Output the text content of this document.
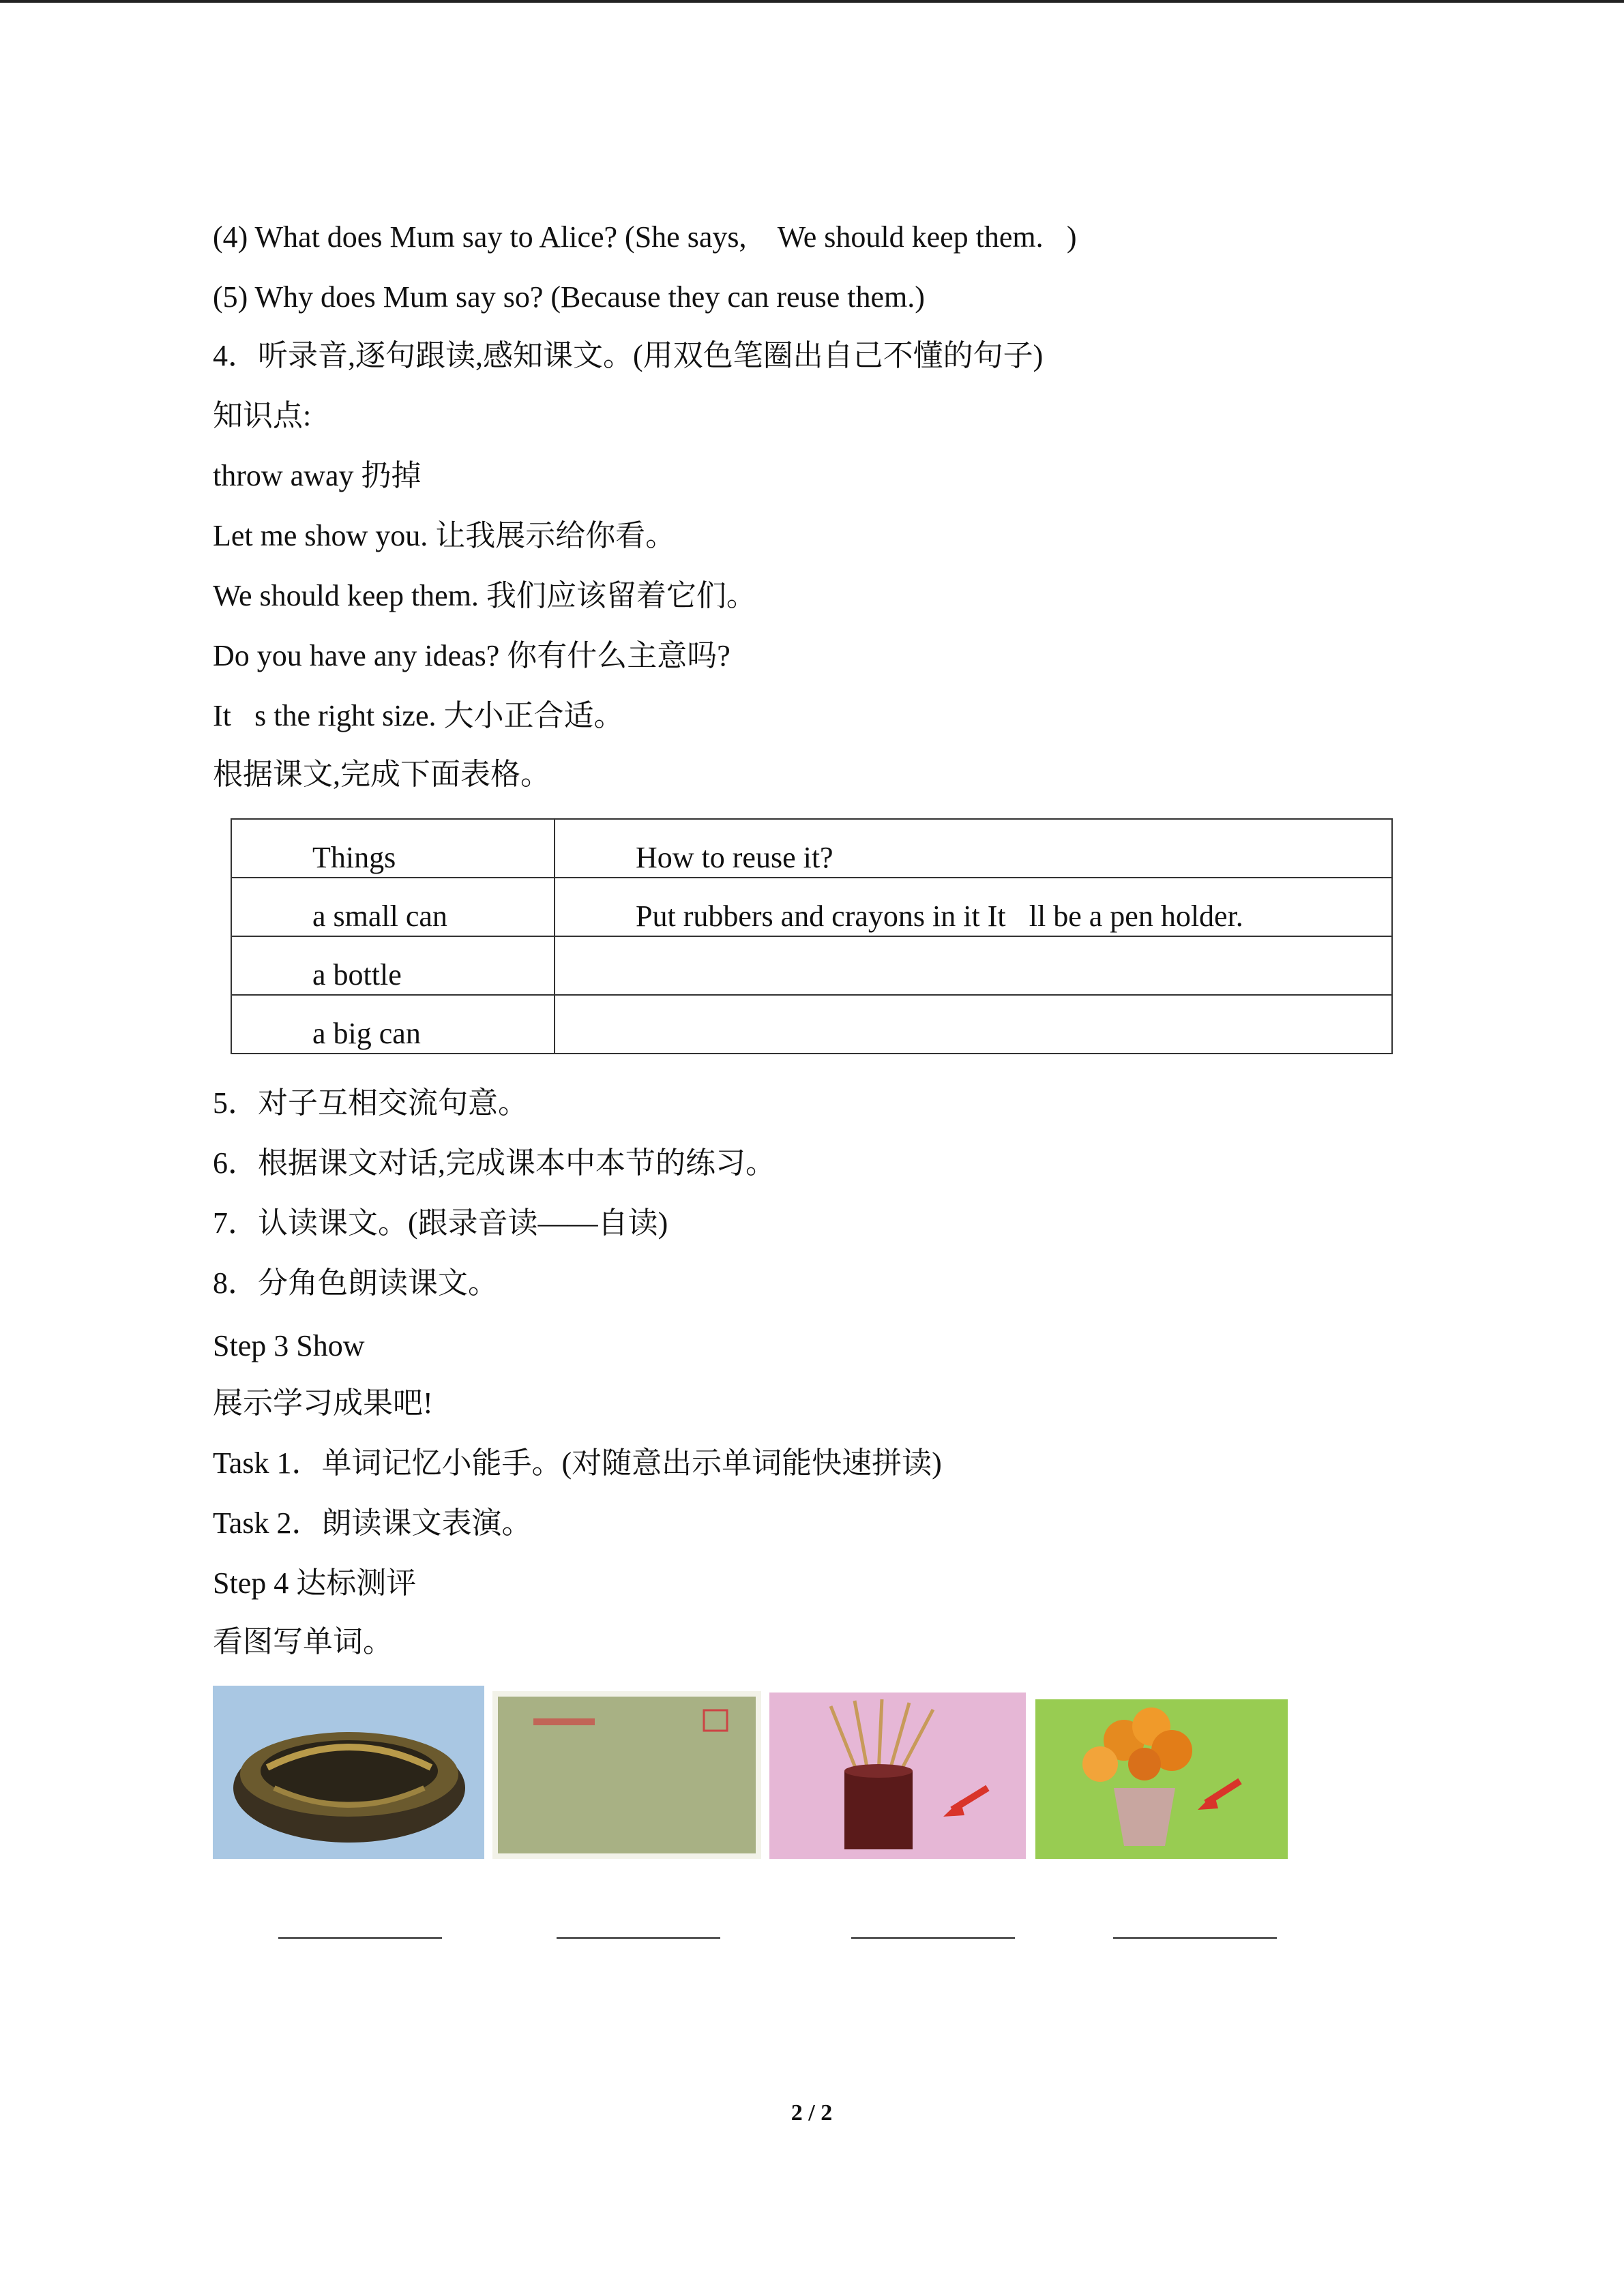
(4) What does Mum say to Alice? (She says,  We should keep them. )
(5) Why does Mum say so? (Because they can reuse them.)
4．听录音,逐句跟读,感知课文。(用双色笔圈出自己不懂的句子)
知识点:
throw away 扔掉
Let me show you. 让我展示给你看。
We should keep them. 我们应该留着它们。
Do you have any ideas? 你有什么主意吗?
It s the right size. 大小正合适。
根据课文,完成下面表格。
Things	How to reuse it?
a small can	Put rubbers and crayons in it It ll be a pen holder.
a bottle	
a big can	
5．对子互相交流句意。
6．根据课文对话,完成课本中本节的练习。
7．认读课文。(跟录音读——自读)
8．分角色朗读课文。
Step 3 Show
展示学习成果吧!
Task 1．单词记忆小能手。(对随意出示单词能快速拼读)
Task 2．朗读课文表演。
Step 4 达标测评
看图写单词。
2 / 2
